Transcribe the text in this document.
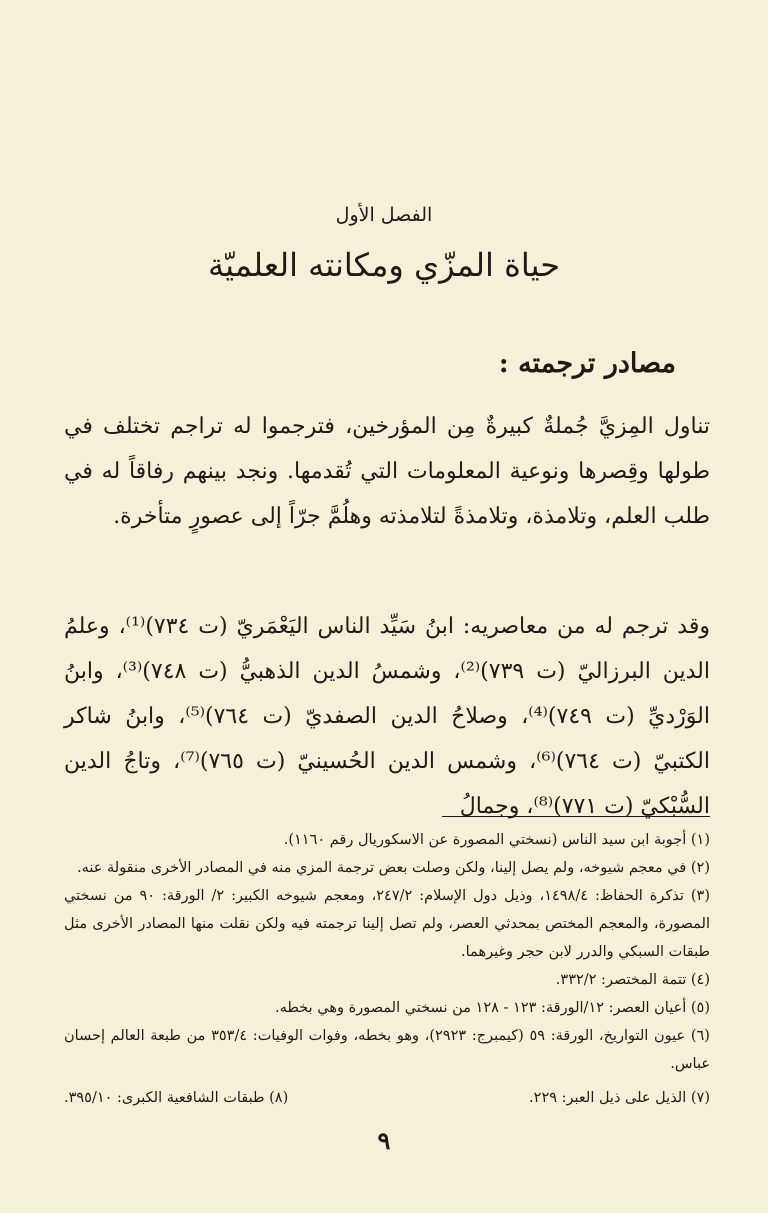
الفصل الأول

حياة المزّي ومكانته العلميّة
مصادر ترجمته :

تناول المِزيَّ جُملةٌ كبيرةٌ مِن المؤرخين، فترجموا له تراجم تختلف في طولها وقِصرها ونوعية المعلومات التي تُقدمها. ونجد بينهم رفاقاً له في طلب العلم، وتلامذة، وتلامذةً لتلامذته وهلُمَّ جرّاً إلى عصورٍ متأخرة.

وقد ترجم له من معاصريه: ابنُ سَيِّد الناس اليَعْمَريّ (ت ٧٣٤)⁽¹⁾، وعلمُ الدين البرزاليّ (ت ٧٣٩)⁽²⁾، وشمسُ الدين الذهبيُّ (ت ٧٤٨)⁽³⁾، وابنُ الوَرْديِّ (ت ٧٤٩)⁽⁴⁾، وصلاحُ الدين الصفديّ (ت ٧٦٤)⁽⁵⁾، وابنُ شاكر الكتبيّ (ت ٧٦٤)⁽⁶⁾، وشمس الدين الحُسينيّ (ت ٧٦٥)⁽⁷⁾، وتاجُ الدين السُّبْكيّ (ت ٧٧١)⁽⁸⁾، وجمالُ

(١) أجوبة ابن سيد الناس (نسختي المصورة عن الاسكوريال رقم ١١٦٠).

(٢) في معجم شيوخه، ولم يصل إلينا، ولكن وصلت بعض ترجمة المزي منه في المصادر الأخرى منقولة عنه.

(٣) تذكرة الحفاظ: ١٤٩٨/٤، وذيل دول الإسلام: ٢٤٧/٢، ومعجم شيوخه الكبير: ٢/ الورقة: ٩٠ من نسختي المصورة، والمعجم المختص بمحدثي العصر، ولم تصل إلينا ترجمته فيه ولكن نقلت منها المصادر الأخرى مثل طبقات السبكي والدرر لابن حجر وغيرهما.

(٤) تتمة المختصر: ٣٣٢/٢.

(٥) أعيان العصر: ١٢/الورقة: ١٢٣ - ١٢٨ من نسختي المصورة وهي بخطه.

(٦) عيون التواريخ، الورقة: ٥٩ (كيمبرج: ٢٩٢٣)، وهو بخطه، وفوات الوفيات: ٣٥٣/٤ من طبعة العالم إحسان عباس.

(٧) الذيل على ذيل العبر: ٢٢٩.
(٨) طبقات الشافعية الكبرى: ٣٩٥/١٠.

٩
